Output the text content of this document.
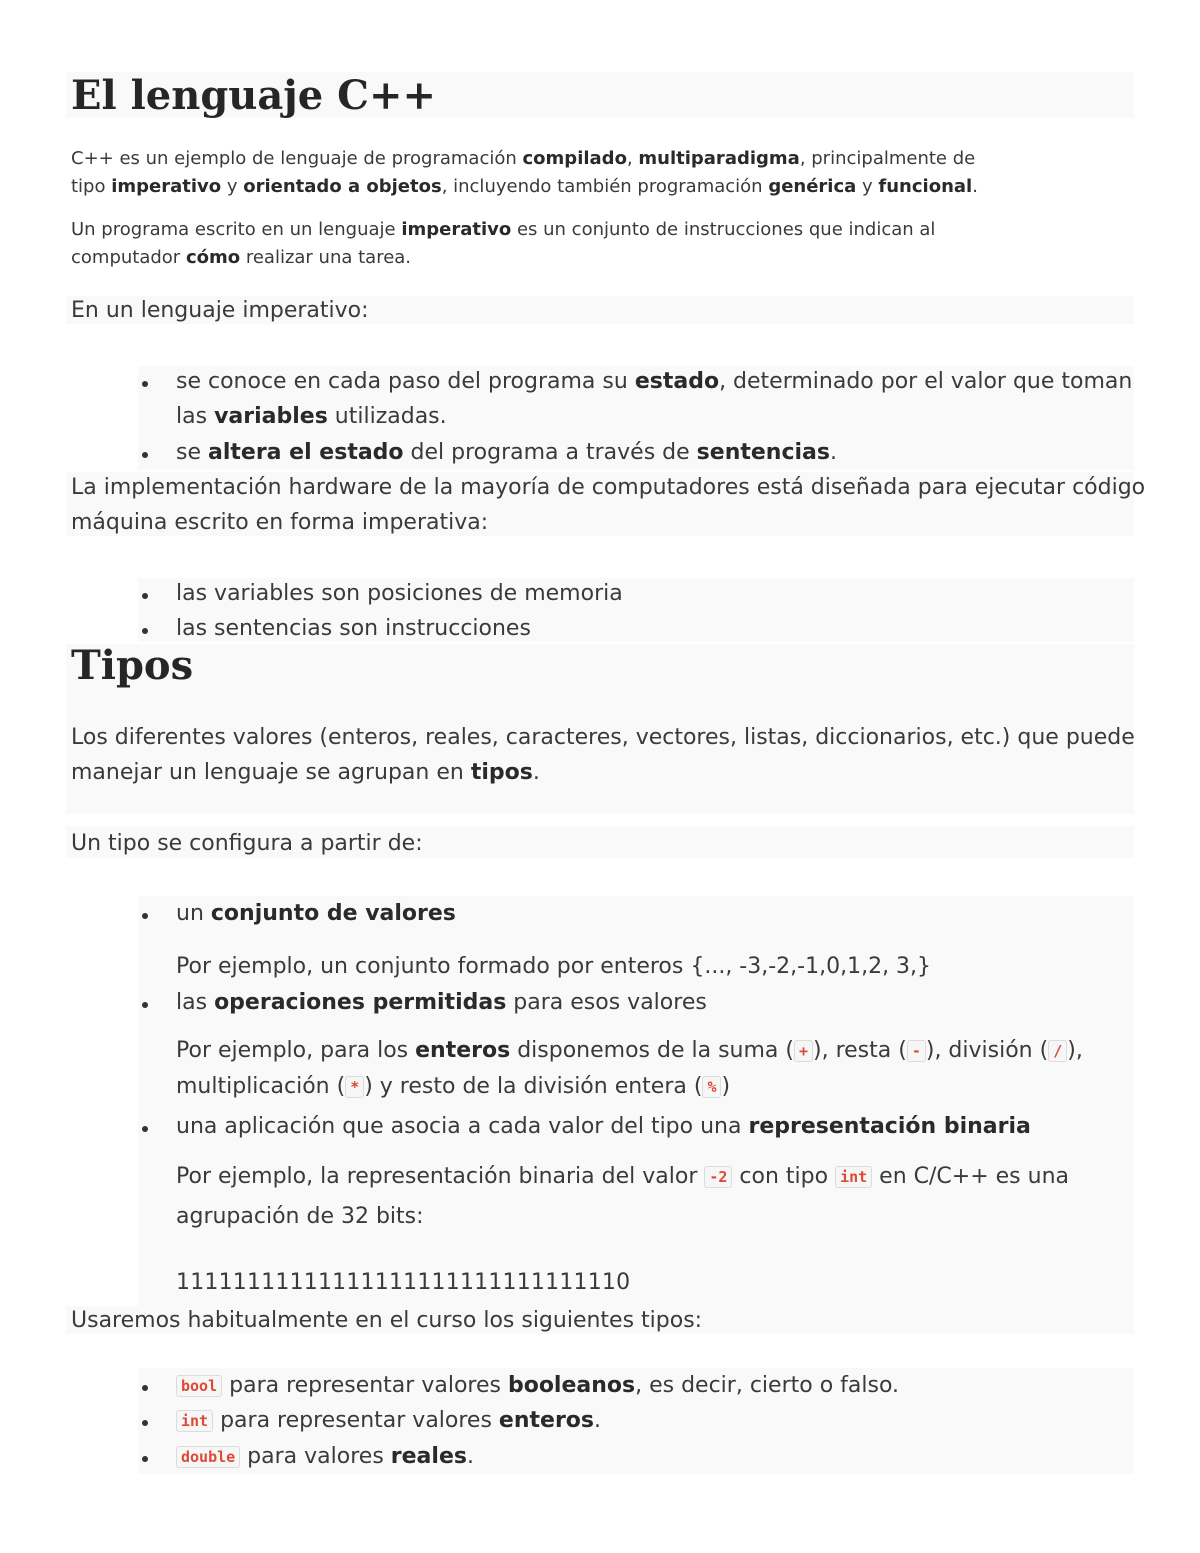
El lenguaje C++
C++ es un ejemplo de lenguaje de programación compilado, multiparadigma, principalmente de
tipo imperativo y orientado a objetos, incluyendo también programación genérica y funcional.
Un programa escrito en un lenguaje imperativo es un conjunto de instrucciones que indican al
computador cómo realizar una tarea.
En un lenguaje imperativo:
se conoce en cada paso del programa su estado, determinado por el valor que toman
las variables utilizadas.
se altera el estado del programa a través de sentencias.
La implementación hardware de la mayoría de computadores está diseñada para ejecutar código
máquina escrito en forma imperativa:
las variables son posiciones de memoria
las sentencias son instrucciones
Tipos
Los diferentes valores (enteros, reales, caracteres, vectores, listas, diccionarios, etc.) que puede
manejar un lenguaje se agrupan en tipos.
Un tipo se configura a partir de:
un conjunto de valores
Por ejemplo, un conjunto formado por enteros {..., -3,-2,-1,0,1,2, 3,}
las operaciones permitidas para esos valores
Por ejemplo, para los enteros disponemos de la suma ( + ), resta ( - ), división ( / ),
multiplicación ( * ) y resto de la división entera ( % )
una aplicación que asocia a cada valor del tipo una representación binaria
Por ejemplo, la representación binaria del valor -2 con tipo int en C/C++ es una
agrupación de 32 bits:
11111111111111111111111111111110
Usaremos habitualmente en el curso los siguientes tipos:
bool para representar valores booleanos, es decir, cierto o falso.
int para representar valores enteros.
double para valores reales.
